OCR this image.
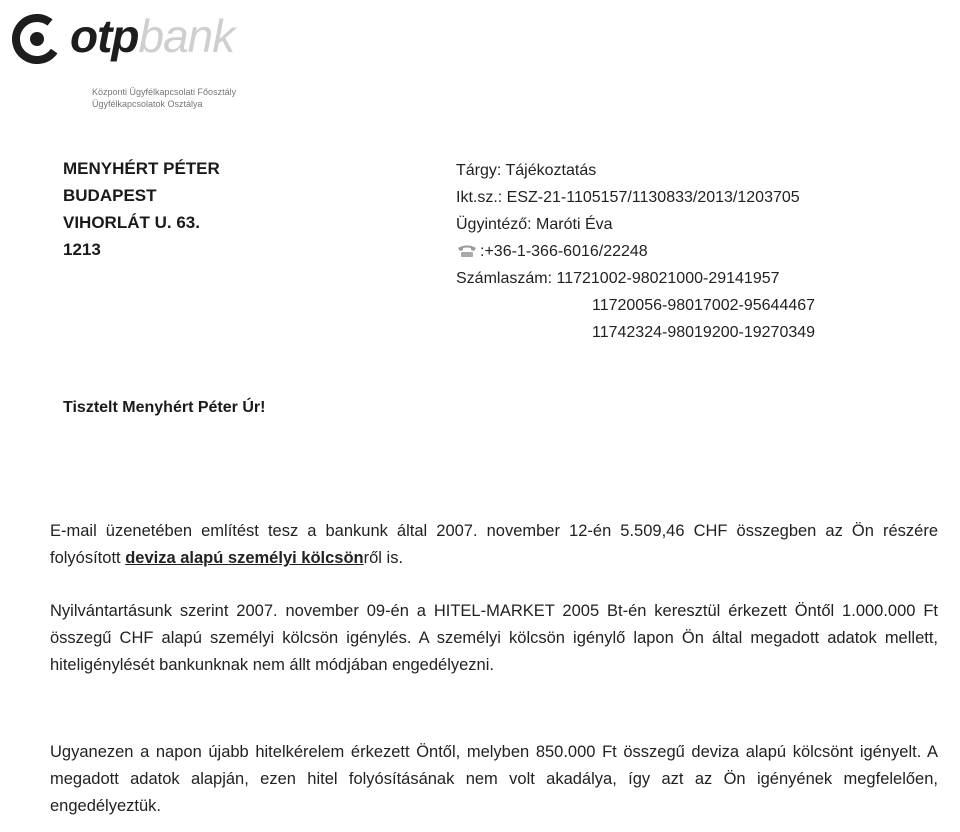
otpbank
Központi Ügyfélkapcsolati Főosztály
Ügyfélkapcsolatok Osztálya
MENYHÉRT PÉTER
BUDAPEST
VIHORLÁT U. 63.
1213
Tárgy: Tájékoztatás
Ikt.sz.: ESZ-21-1105157/1130833/2013/1203705
Ügyintéző: Maróti Éva
:+36-1-366-6016/22248
Számlaszám: 11721002-98021000-29141957
11720056-98017002-95644467
11742324-98019200-19270349
Tisztelt Menyhért Péter Úr!
E-mail üzenetében említést tesz a bankunk által 2007. november 12-én 5.509,46 CHF összegben az Ön részére folyósított deviza alapú személyi kölcsönről is.
Nyilvántartásunk szerint 2007. november 09-én a HITEL-MARKET 2005 Bt-én keresztül érkezett Öntől 1.000.000 Ft összegű CHF alapú személyi kölcsön igénylés. A személyi kölcsön igénylő lapon Ön által megadott adatok mellett, hiteligénylését bankunknak nem állt módjában engedélyezni.
Ugyanezen a napon újabb hitelkérelem érkezett Öntől, melyben 850.000 Ft összegű deviza alapú kölcsönt igényelt. A megadott adatok alapján, ezen hitel folyósításának nem volt akadálya, így azt az Ön igényének megfelelően, engedélyeztük.
